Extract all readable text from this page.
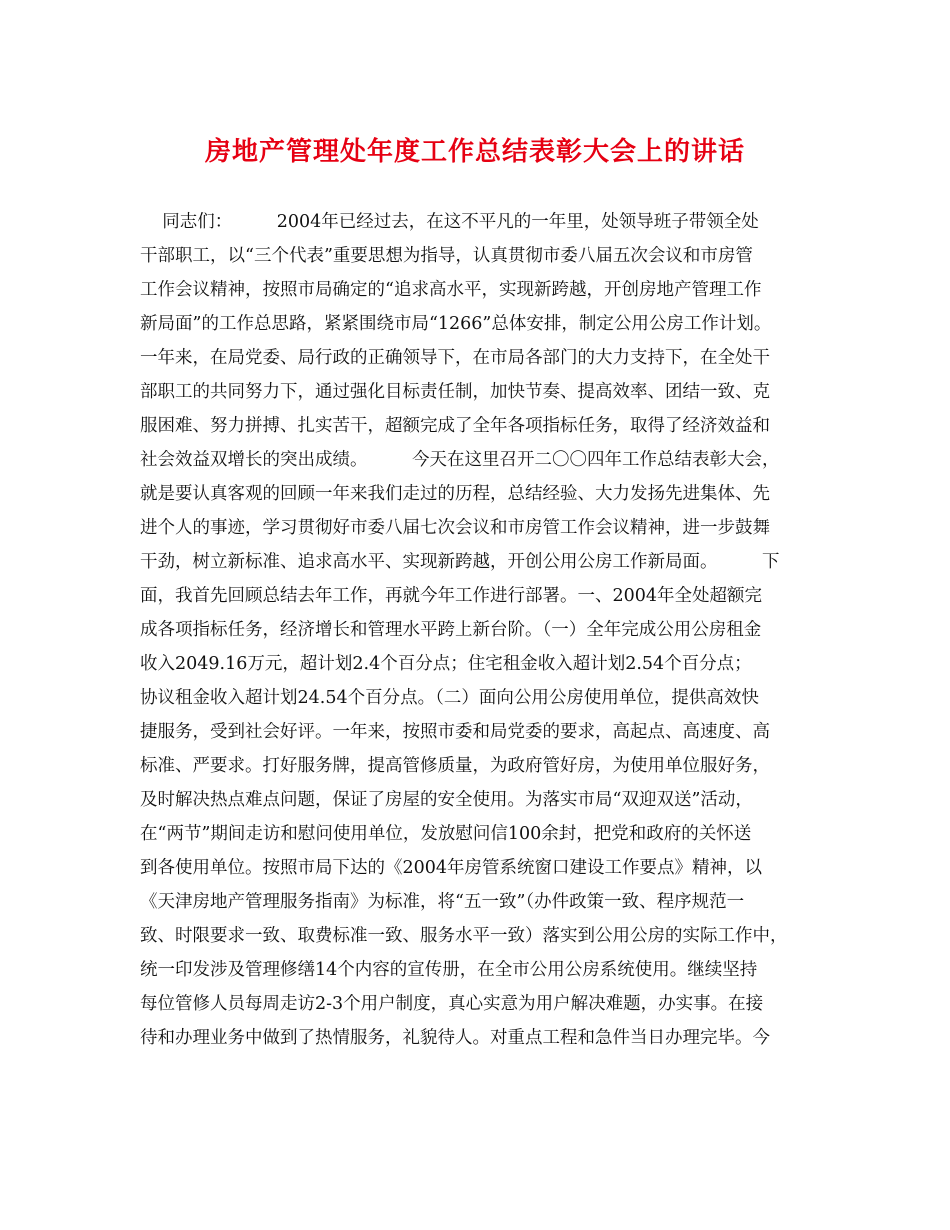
房地产管理处年度工作总结表彰大会上的讲话
同志们：        2004年已经过去，在这不平凡的一年里，处领导班子带领全处
干部职工，以“三个代表”重要思想为指导，认真贯彻市委八届五次会议和市房管
工作会议精神，按照市局确定的“追求高水平，实现新跨越，开创房地产管理工作
新局面”的工作总思路，紧紧围绕市局“1266”总体安排，制定公用公房工作计划。
一年来，在局党委、局行政的正确领导下，在市局各部门的大力支持下，在全处干
部职工的共同努力下，通过强化目标责任制，加快节奏、提高效率、团结一致、克
服困难、努力拼搏、扎实苦干，超额完成了全年各项指标任务，取得了经济效益和
社会效益双增长的突出成绩。        今天在这里召开二〇〇四年工作总结表彰大会，
就是要认真客观的回顾一年来我们走过的历程，总结经验、大力发扬先进集体、先
进个人的事迹，学习贯彻好市委八届七次会议和市房管工作会议精神，进一步鼓舞
干劲，树立新标准、追求高水平、实现新跨越，开创公用公房工作新局面。        下
面，我首先回顾总结去年工作，再就今年工作进行部署。一、2004年全处超额完
成各项指标任务，经济增长和管理水平跨上新台阶。（一）全年完成公用公房租金
收入2049.16万元，超计划2.4个百分点；住宅租金收入超计划2.54个百分点；
协议租金收入超计划24.54个百分点。（二）面向公用公房使用单位，提供高效快
捷服务，受到社会好评。一年来，按照市委和局党委的要求，高起点、高速度、高
标准、严要求。打好服务牌，提高管修质量，为政府管好房，为使用单位服好务，
及时解决热点难点问题，保证了房屋的安全使用。为落实市局“双迎双送”活动，
在“两节”期间走访和慰问使用单位，发放慰问信100余封，把党和政府的关怀送
到各使用单位。按照市局下达的《2004年房管系统窗口建设工作要点》精神，以
《天津房地产管理服务指南》为标准，将“五一致”（办件政策一致、程序规范一
致、时限要求一致、取费标准一致、服务水平一致）落实到公用公房的实际工作中，
统一印发涉及管理修缮14个内容的宣传册，在全市公用公房系统使用。继续坚持
每位管修人员每周走访2-3个用户制度，真心实意为用户解决难题，办实事。在接
待和办理业务中做到了热情服务，礼貌待人。对重点工程和急件当日办理完毕。今
